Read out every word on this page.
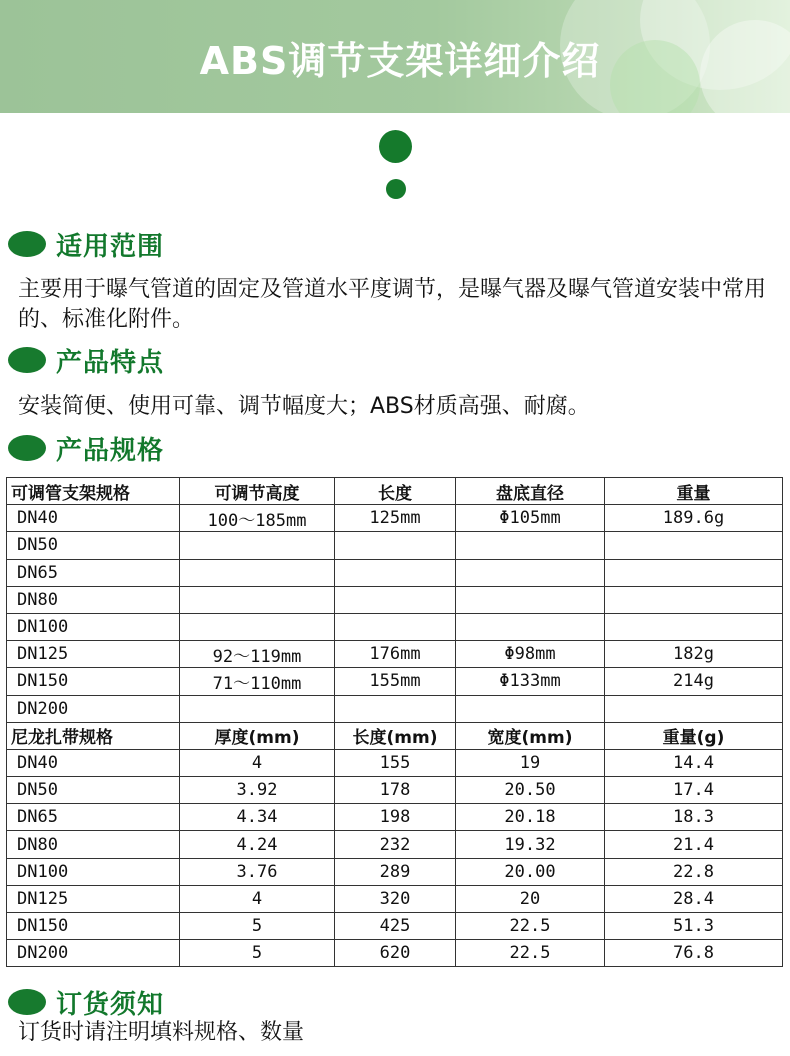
ABS调节支架详细介绍
适用范围
主要用于曝气管道的固定及管道水平度调节，是曝气器及曝气管道安装中常用的、标准化附件。
产品特点
安装简便、使用可靠、调节幅度大；ABS材质高强、耐腐。
产品规格
可调管支架规格	可调节高度	长度	盘底直径	重量
DN40	100～185mm	125mm	Φ105mm	189.6g
DN50				
DN65				
DN80				
DN100				
DN125	92～119mm	176mm	Φ98mm	182g
DN150	71～110mm	155mm	Φ133mm	214g
DN200				
尼龙扎带规格	厚度(mm)	长度(mm)	宽度(mm)	重量(g)
DN40	4	155	19	14.4
DN50	3.92	178	20.50	17.4
DN65	4.34	198	20.18	18.3
DN80	4.24	232	19.32	21.4
DN100	3.76	289	20.00	22.8
DN125	4	320	20	28.4
DN150	5	425	22.5	51.3
DN200	5	620	22.5	76.8
订货须知
订货时请注明填料规格、数量
